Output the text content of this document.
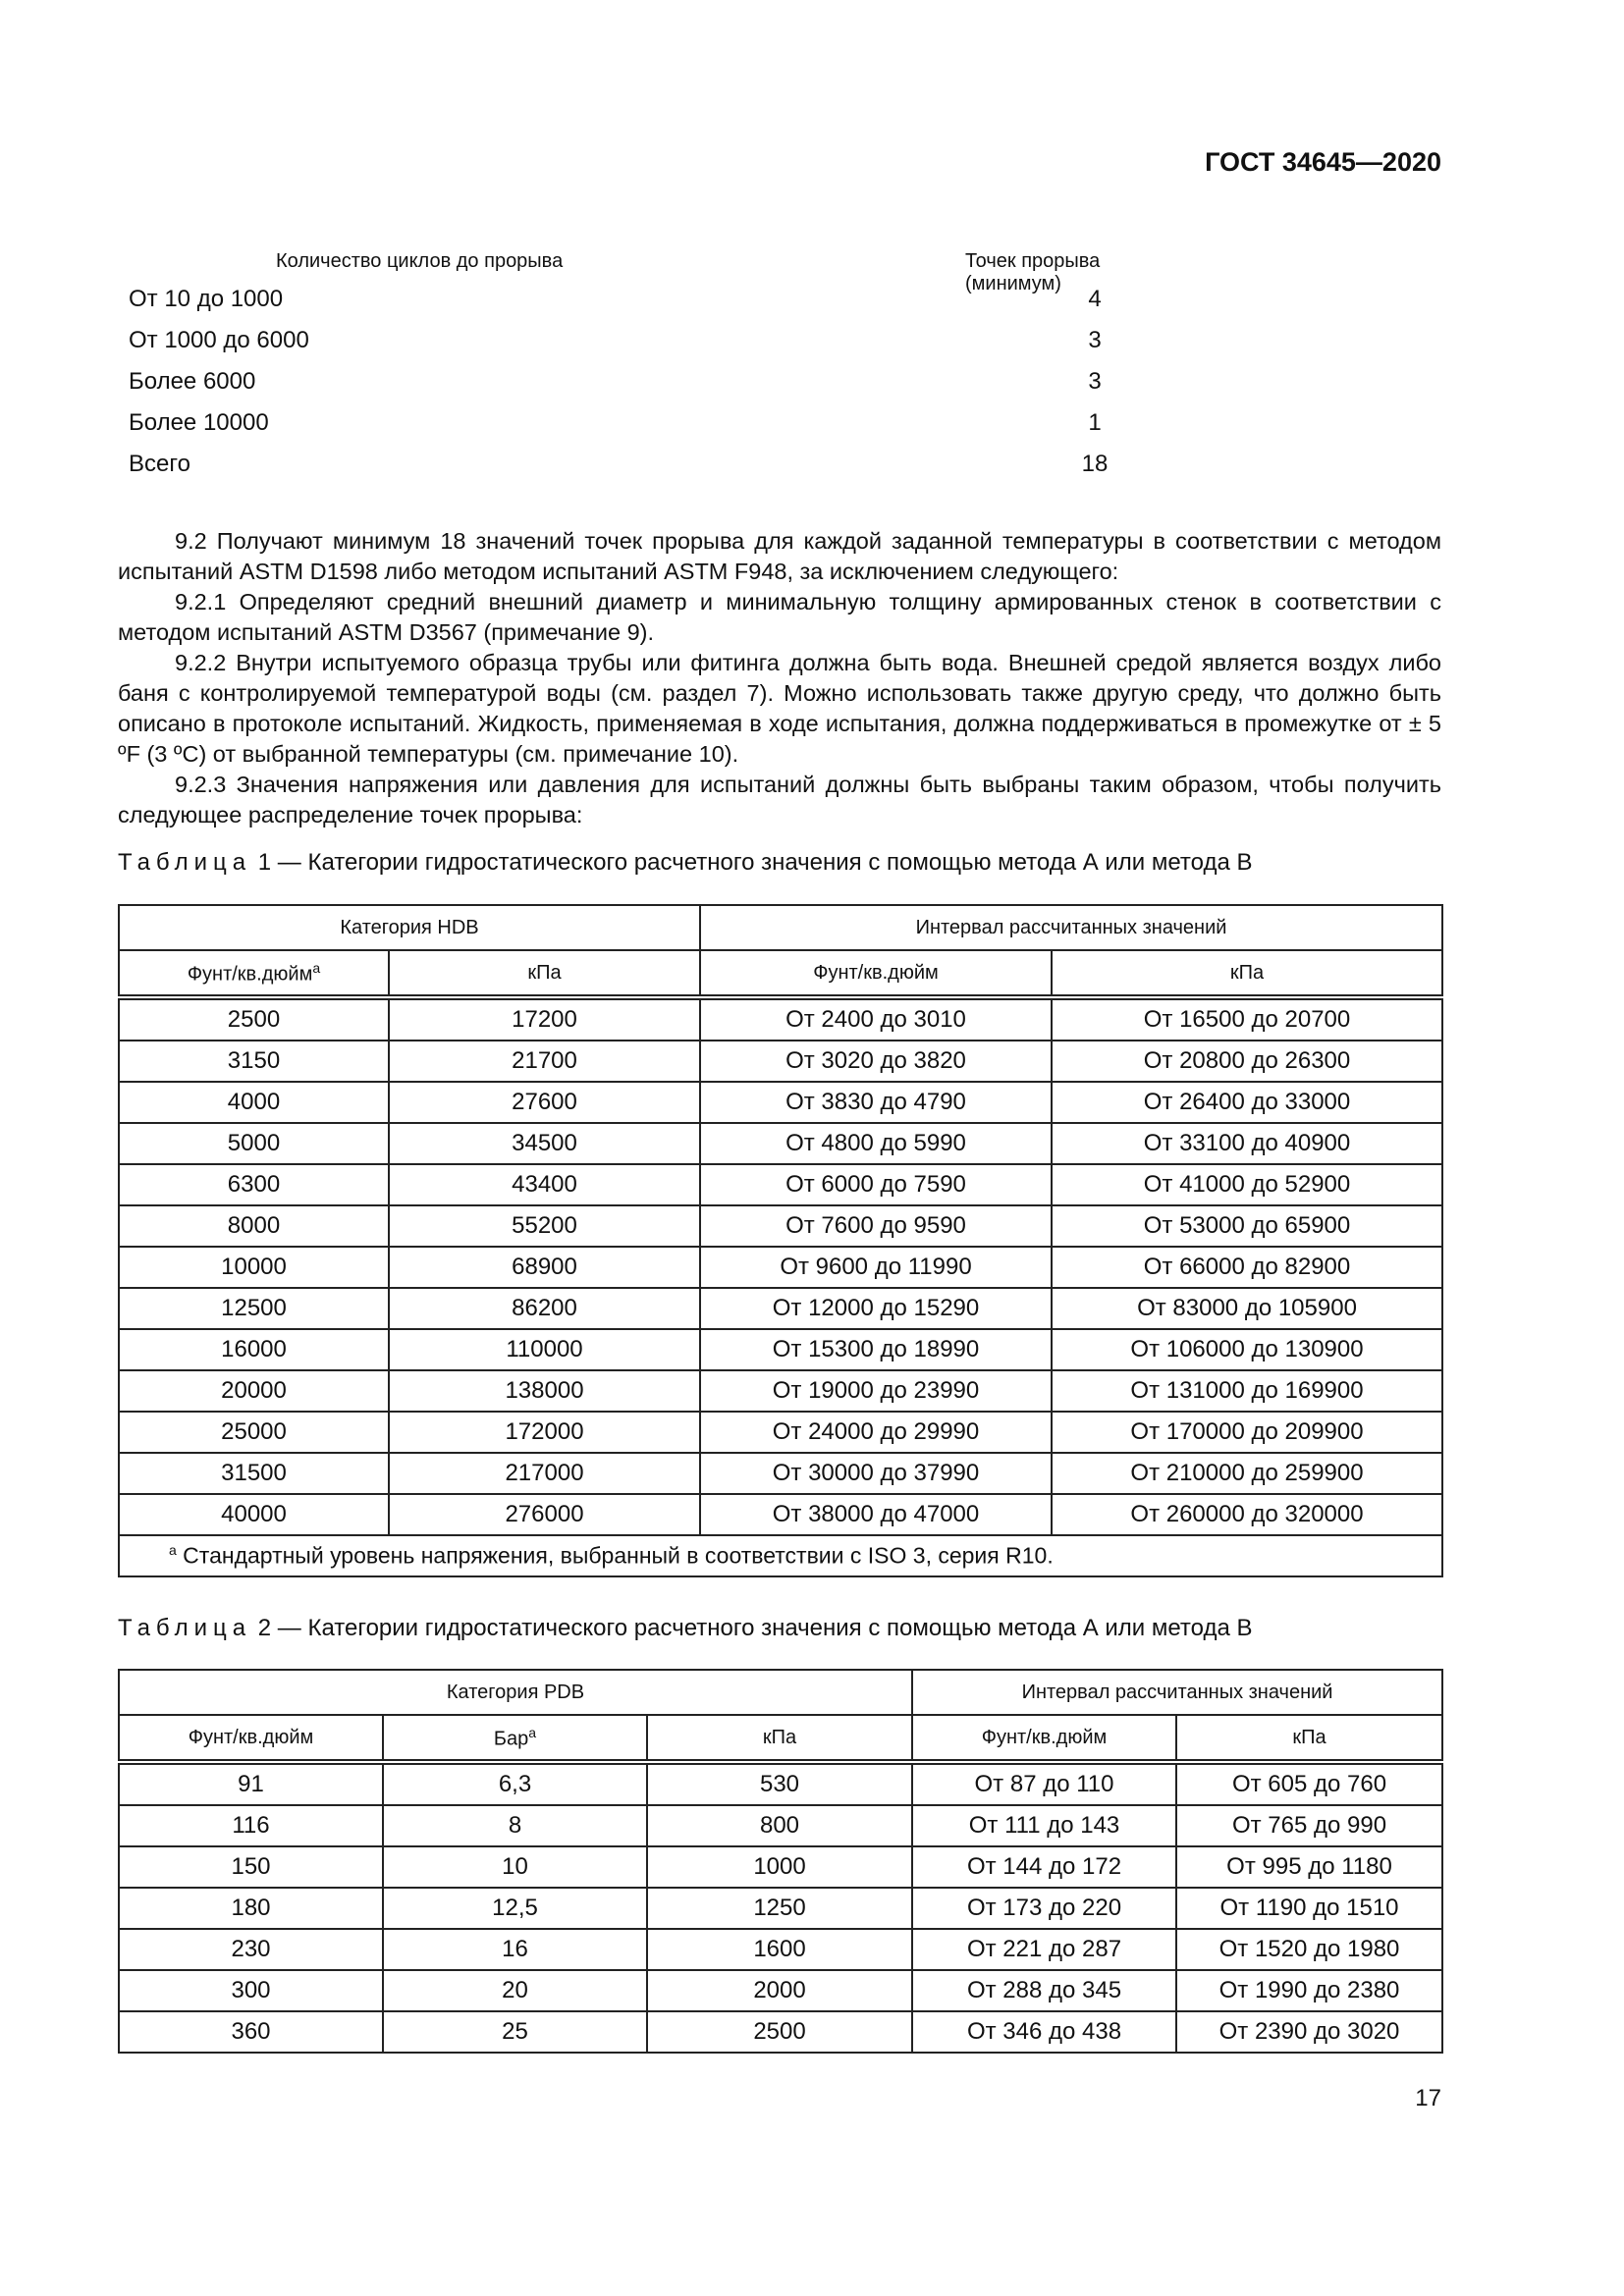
ГОСТ 34645—2020
Количество циклов до прорыва	Точек прорыва (минимум)
От 10 до 1000	4
От 1000 до 6000	3
Более 6000	3
Более 10000	1
Всего	18

9.2 Получают минимум 18 значений точек прорыва для каждой заданной температуры в соответствии с методом испытаний ASTM D1598 либо методом испытаний ASTM F948, за исключением следующего:

9.2.1 Определяют средний внешний диаметр и минимальную толщину армированных стенок в соответствии с методом испытаний ASTM D3567 (примечание 9).

9.2.2 Внутри испытуемого образца трубы или фитинга должна быть вода. Внешней средой является воздух либо баня с контролируемой температурой воды (см. раздел 7). Можно использовать также другую среду, что должно быть описано в протоколе испытаний. Жидкость, применяемая в ходе испытания, должна поддерживаться в промежутке от ± 5 ºF (3 ºC) от выбранной температуры (см. примечание 10).

9.2.3 Значения напряжения или давления для испытаний должны быть выбраны таким образом, чтобы получить следующее распределение точек прорыва:

Таблица 1 — Категории гидростатического расчетного значения с помощью метода А или метода В
Категория HDB		Интервал рассчитанных значений	
Фунт/кв.дюйм$^a$	кПа	Фунт/кв.дюйм	кПа
2500	17200	От 2400 до 3010	От 16500 до 20700
3150	21700	От 3020 до 3820	От 20800 до 26300
4000	27600	От 3830 до 4790	От 26400 до 33000
5000	34500	От 4800 до 5990	От 33100 до 40900
6300	43400	От 6000 до 7590	От 41000 до 52900
8000	55200	От 7600 до 9590	От 53000 до 65900
10000	68900	От 9600 до 11990	От 66000 до 82900
12500	86200	От 12000 до 15290	От 83000 до 105900
16000	110000	От 15300 до 18990	От 106000 до 130900
20000	138000	От 19000 до 23990	От 131000 до 169900
25000	172000	От 24000 до 29990	От 170000 до 209900
31500	217000	От 30000 до 37990	От 210000 до 259900
40000	276000	От 38000 до 47000	От 260000 до 320000
$^a$ Стандартный уровень напряжения, выбранный в соответствии с ISO 3, серия R10.			
Таблица 2 — Категории гидростатического расчетного значения с помощью метода А или метода В
Категория PDB			Интервал рассчитанных значений	
Фунт/кв.дюйм	Бар$^a$	кПа	Фунт/кв.дюйм	кПа
91	6,3	530	От 87 до 110	От 605 до 760
116	8	800	От 111 до 143	От 765 до 990
150	10	1000	От 144 до 172	От 995 до 1180
180	12,5	1250	От 173 до 220	От 1190 до 1510
230	16	1600	От 221 до 287	От 1520 до 1980
300	20	2000	От 288 до 345	От 1990 до 2380
360	25	2500	От 346 до 438	От 2390 до 3020
17
